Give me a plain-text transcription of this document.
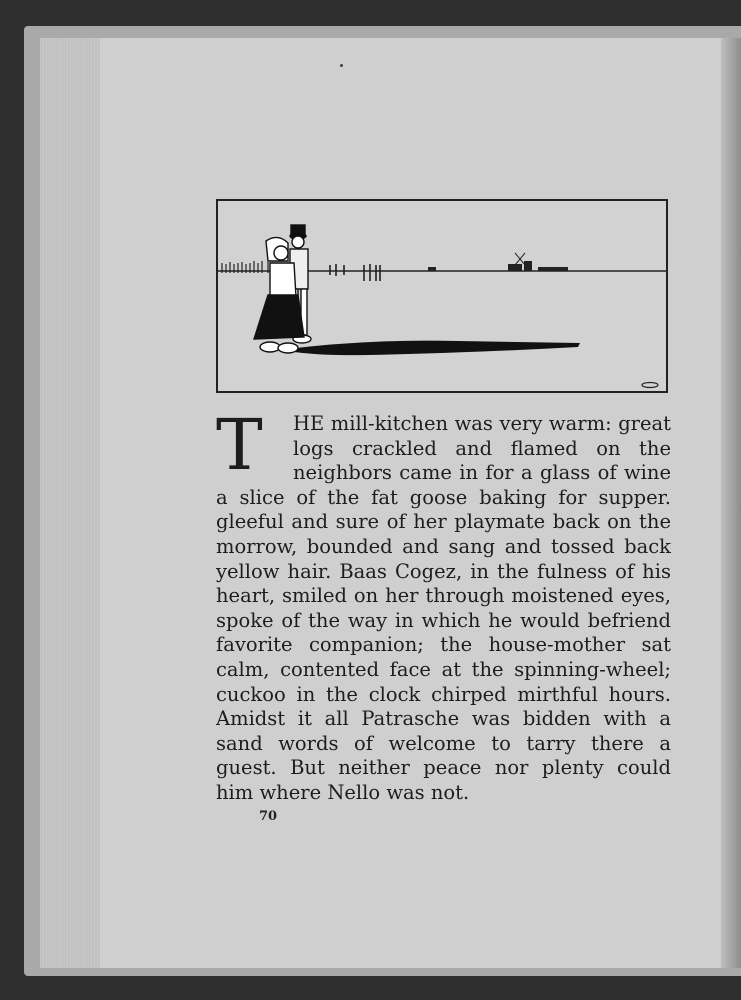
T	HE mill-kitchen was very warm: great
logs crackled and flamed on the
neighbors came in for a glass of wine
a slice of the fat goose baking for supper.
gleeful and sure of her playmate back on the
morrow, bounded and sang and tossed back
yellow hair. Baas Cogez, in the fulness of his
heart, smiled on her through moistened eyes,
spoke of the way in which he would befriend
favorite companion; the house-mother sat
calm, contented face at the spinning-wheel;
cuckoo in the clock chirped mirthful hours.
Amidst it all Patrasche was bidden with a
sand words of welcome to tarry there a
guest. But neither peace nor plenty could
him where Nello was not.
70
